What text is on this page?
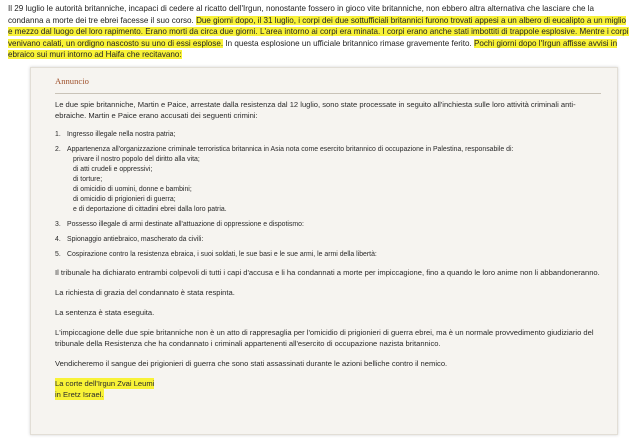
Il 29 luglio le autorità britanniche, incapaci di cedere al ricatto dell'Irgun, nonostante fossero in gioco vite britanniche, non ebbero altra alternativa che lasciare che la condanna a morte dei tre ebrei facesse il suo corso. Due giorni dopo, il 31 luglio, i corpi dei due sottufficiali britannici furono trovati appesi a un albero di eucalipto a un miglio e mezzo dal luogo del loro rapimento. Erano morti da circa due giorni. L'area intorno ai corpi era minata. I corpi erano anche stati imbottiti di trappole esplosive. Mentre i corpi venivano calati, un ordigno nascosto su uno di essi esplose. In questa esplosione un ufficiale britannico rimase gravemente ferito. Pochi giorni dopo l'Irgun affisse avvisi in ebraico sui muri intorno ad Haifa che recitavano:

Annuncio

Le due spie britanniche, Martin e Paice, arrestate dalla resistenza dal 12 luglio, sono state processate in seguito all'inchiesta sulle loro attività criminali anti-ebraiche. Martin e Paice erano accusati dei seguenti crimini:

1. Ingresso illegale nella nostra patria;
2. Appartenenza all'organizzazione criminale terroristica britannica in Asia nota come esercito britannico di occupazione in Palestina, responsabile di:
privare il nostro popolo del diritto alla vita;
di atti crudeli e oppressivi;
di torture;
di omicidio di uomini, donne e bambini;
di omicidio di prigionieri di guerra;
e di deportazione di cittadini ebrei dalla loro patria.
3. Possesso illegale di armi destinate all'attuazione di oppressione e dispotismo:
4. Spionaggio antiebraico, mascherato da civili:
5. Cospirazione contro la resistenza ebraica, i suoi soldati, le sue basi e le sue armi, le armi della libertà:

Il tribunale ha dichiarato entrambi colpevoli di tutti i capi d'accusa e li ha condannati a morte per impiccagione, fino a quando le loro anime non li abbandoneranno.

La richiesta di grazia del condannato è stata respinta.

La sentenza è stata eseguita.

L'impiccagione delle due spie britanniche non è un atto di rappresaglia per l'omicidio di prigionieri di guerra ebrei, ma è un normale provvedimento giudiziario del tribunale della Resistenza che ha condannato i criminali appartenenti all'esercito di occupazione nazista britannico.

Vendicheremo il sangue dei prigionieri di guerra che sono stati assassinati durante le azioni belliche contro il nemico.

La corte dell'Irgun Zvai Leumi
in Eretz Israel.
